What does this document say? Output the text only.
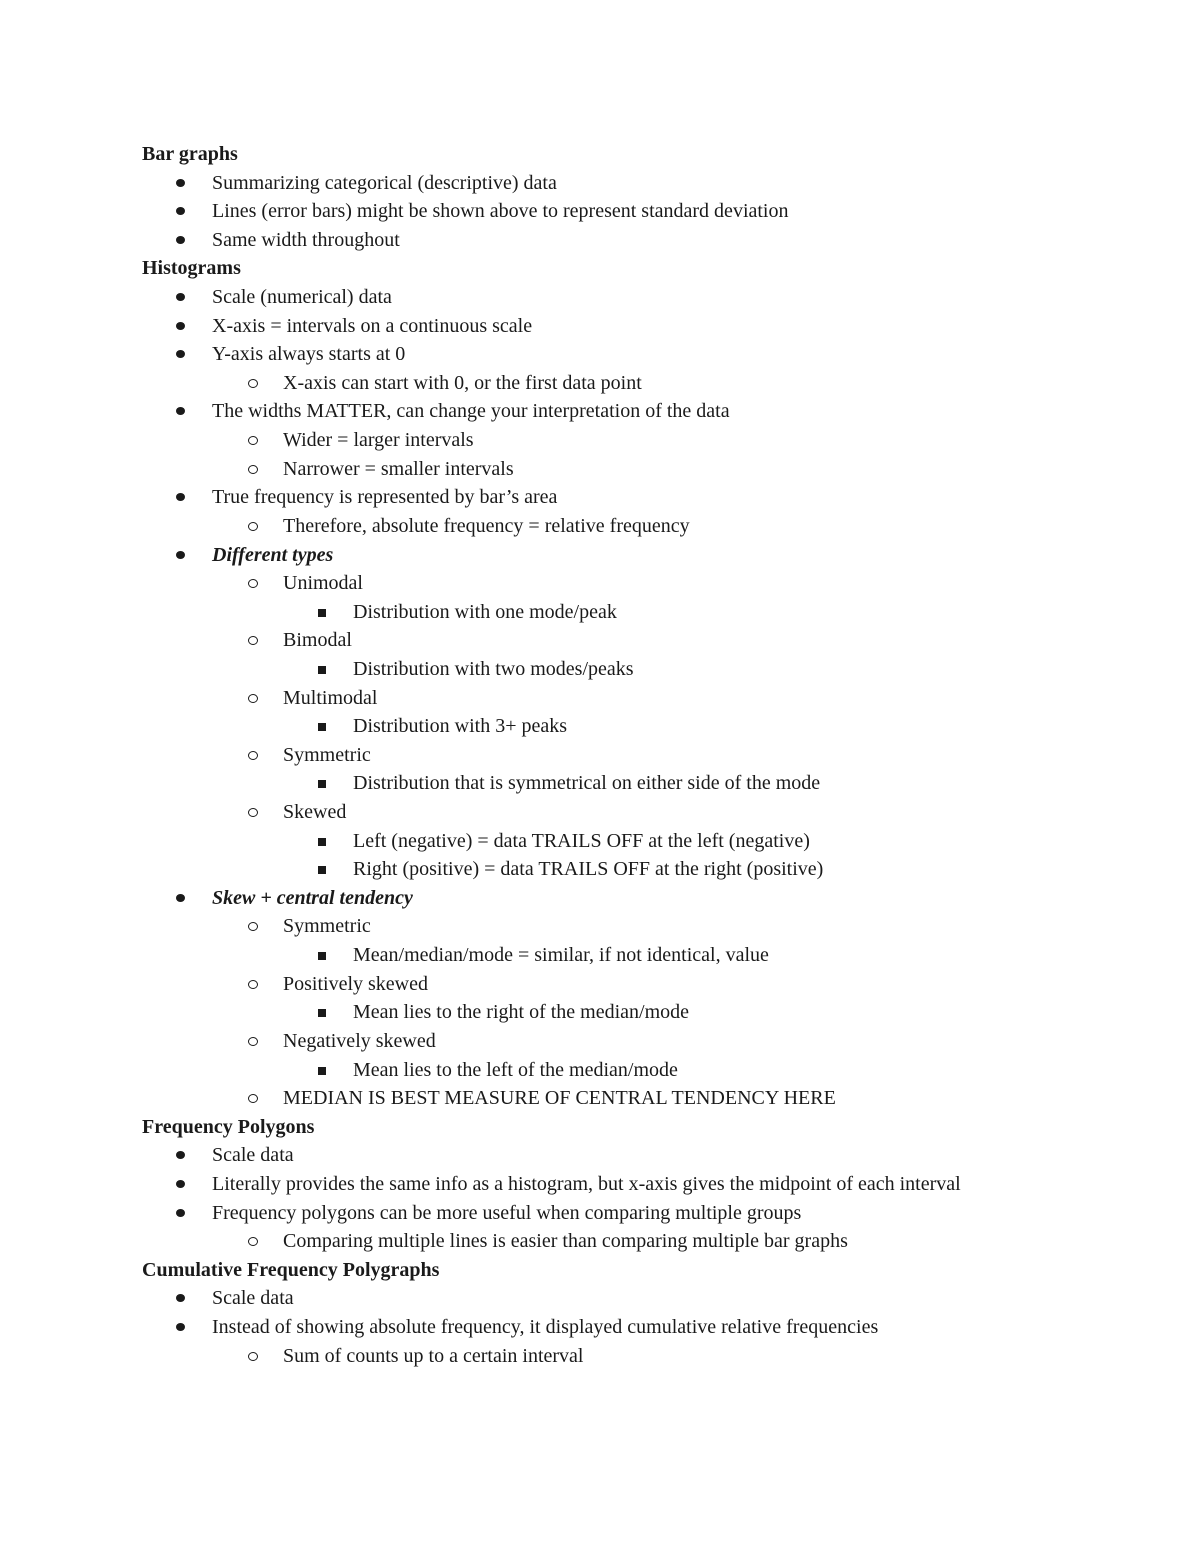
Bar graphs
Summarizing categorical (descriptive) data
Lines (error bars) might be shown above to represent standard deviation
Same width throughout
Histograms
Scale (numerical) data
X-axis = intervals on a continuous scale
Y-axis always starts at 0
X-axis can start with 0, or the first data point
The widths MATTER, can change your interpretation of the data
Wider = larger intervals
Narrower = smaller intervals
True frequency is represented by bar’s area
Therefore, absolute frequency = relative frequency
Different types
Unimodal
Distribution with one mode/peak
Bimodal
Distribution with two modes/peaks
Multimodal
Distribution with 3+ peaks
Symmetric
Distribution that is symmetrical on either side of the mode
Skewed
Left (negative) = data TRAILS OFF at the left (negative)
Right (positive) = data TRAILS OFF at the right (positive)
Skew + central tendency
Symmetric
Mean/median/mode = similar, if not identical, value
Positively skewed
Mean lies to the right of the median/mode
Negatively skewed
Mean lies to the left of the median/mode
MEDIAN IS BEST MEASURE OF CENTRAL TENDENCY HERE
Frequency Polygons
Scale data
Literally provides the same info as a histogram, but x-axis gives the midpoint of each interval
Frequency polygons can be more useful when comparing multiple groups
Comparing multiple lines is easier than comparing multiple bar graphs
Cumulative Frequency Polygraphs
Scale data
Instead of showing absolute frequency, it displayed cumulative relative frequencies
Sum of counts up to a certain interval
